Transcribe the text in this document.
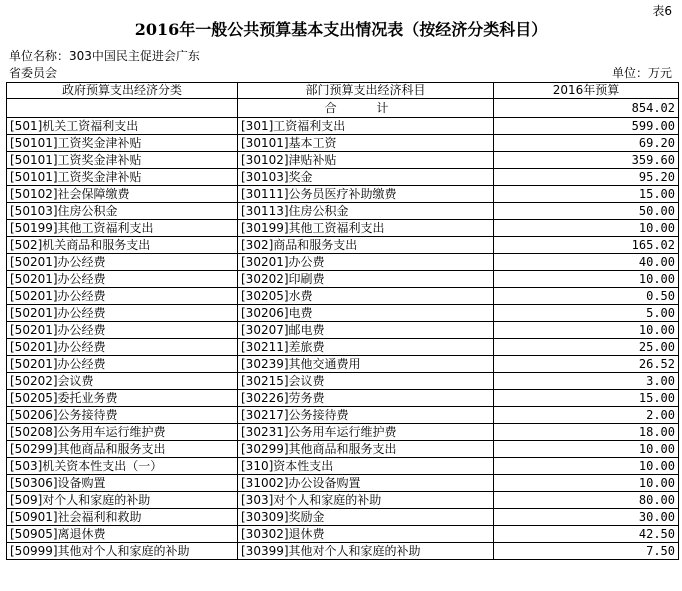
表6
2016年一般公共预算基本支出情况表（按经济分类科目）
单位名称：303中国民主促进会广东
省委员会	单位：万元
政府预算支出经济分类	部门预算支出经济科目	2016年预算
	合 计	854.02
[501]机关工资福利支出	[301]工资福利支出	599.00
[50101]工资奖金津补贴	[30101]基本工资	69.20
[50101]工资奖金津补贴	[30102]津贴补贴	359.60
[50101]工资奖金津补贴	[30103]奖金	95.20
[50102]社会保障缴费	[30111]公务员医疗补助缴费	15.00
[50103]住房公积金	[30113]住房公积金	50.00
[50199]其他工资福利支出	[30199]其他工资福利支出	10.00
[502]机关商品和服务支出	[302]商品和服务支出	165.02
[50201]办公经费	[30201]办公费	40.00
[50201]办公经费	[30202]印刷费	10.00
[50201]办公经费	[30205]水费	0.50
[50201]办公经费	[30206]电费	5.00
[50201]办公经费	[30207]邮电费	10.00
[50201]办公经费	[30211]差旅费	25.00
[50201]办公经费	[30239]其他交通费用	26.52
[50202]会议费	[30215]会议费	3.00
[50205]委托业务费	[30226]劳务费	15.00
[50206]公务接待费	[30217]公务接待费	2.00
[50208]公务用车运行维护费	[30231]公务用车运行维护费	18.00
[50299]其他商品和服务支出	[30299]其他商品和服务支出	10.00
[503]机关资本性支出（一）	[310]资本性支出	10.00
[50306]设备购置	[31002]办公设备购置	10.00
[509]对个人和家庭的补助	[303]对个人和家庭的补助	80.00
[50901]社会福利和救助	[30309]奖励金	30.00
[50905]离退休费	[30302]退休费	42.50
[50999]其他对个人和家庭的补助	[30399]其他对个人和家庭的补助	7.50
